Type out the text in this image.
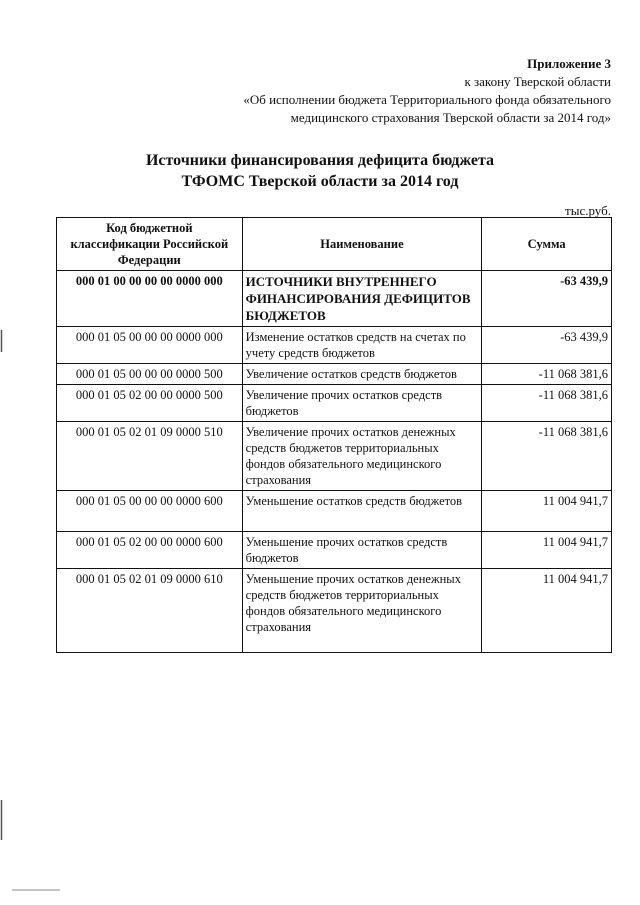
Приложение 3
к закону Тверской области
«Об исполнении бюджета Территориального фонда обязательного
медицинского страхования Тверской области за 2014 год»
Источники финансирования дефицита бюджета
ТФОМС Тверской области за 2014 год
тыс.руб.
Код бюджетной классификации Российской Федерации	Наименование	Сумма
000 01 00 00 00 00 0000 000	ИСТОЧНИКИ ВНУТРЕННЕГО ФИНАНСИРОВАНИЯ ДЕФИЦИТОВ БЮДЖЕТОВ	-63 439,9
000 01 05 00 00 00 0000 000	Изменение остатков средств на счетах по учету средств бюджетов	-63 439,9
000 01 05 00 00 00 0000 500	Увеличение остатков средств бюджетов	-11 068 381,6
000 01 05 02 00 00 0000 500	Увеличение прочих остатков средств бюджетов	-11 068 381,6
000 01 05 02 01 09 0000 510	Увеличение прочих остатков денежных средств бюджетов территориальных фондов обязательного медицинского страхования	-11 068 381,6
000 01 05 00 00 00 0000 600	Уменьшение остатков средств бюджетов	11 004 941,7
000 01 05 02 00 00 0000 600	Уменьшение прочих остатков средств бюджетов	11 004 941,7
000 01 05 02 01 09 0000 610	Уменьшение прочих остатков денежных средств бюджетов территориальных фондов обязательного медицинского страхования	11 004 941,7
